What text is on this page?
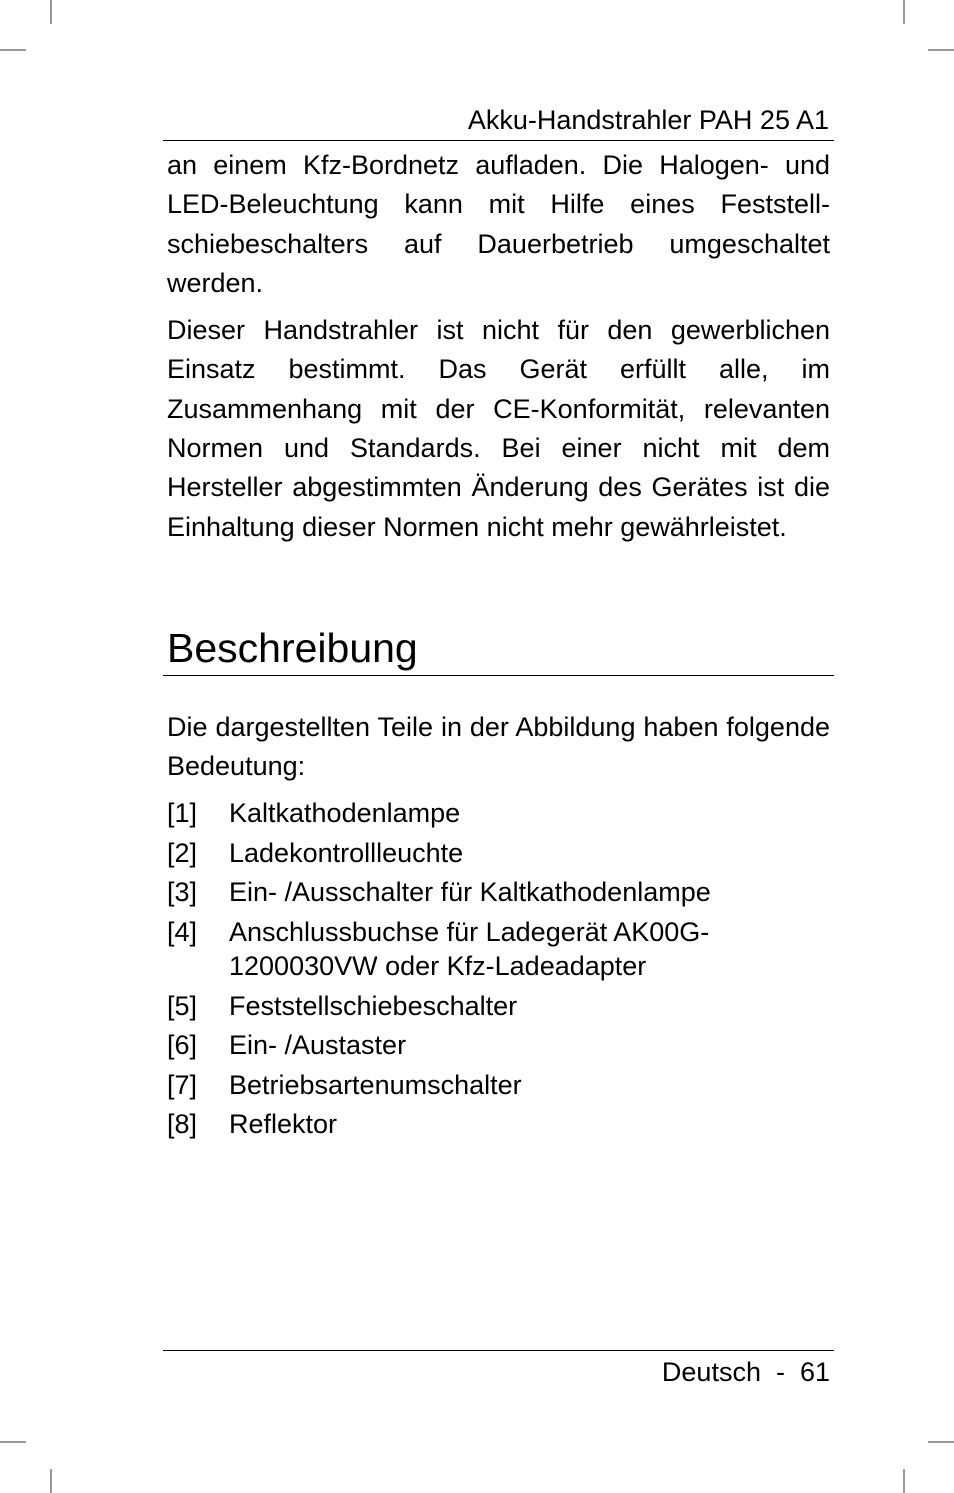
Akku-Handstrahler PAH 25 A1

an einem Kfz-Bordnetz aufladen. Die Halogen- und LED-Beleuchtung kann mit Hilfe eines Feststell-schiebeschalters auf Dauerbetrieb umgeschaltet werden.

Dieser Handstrahler ist nicht für den gewerblichen Einsatz bestimmt. Das Gerät erfüllt alle, im Zusammenhang mit der CE-Konformität, relevanten Normen und Standards. Bei einer nicht mit dem Hersteller abgestimmten Änderung des Gerätes ist die Einhaltung dieser Normen nicht mehr gewährleistet.

Beschreibung

Die dargestellten Teile in der Abbildung haben folgende Bedeutung:

[1]	Kaltkathodenlampe
[2]	Ladekontrollleuchte
[3]	Ein- /Ausschalter für Kaltkathodenlampe
[4]	Anschlussbuchse für Ladegerät AK00G-1200030VW oder Kfz-Ladeadapter
[5]	Feststellschiebeschalter
[6]	Ein- /Austaster
[7]	Betriebsartenumschalter
[8]	Reflektor
Deutsch  -  61
